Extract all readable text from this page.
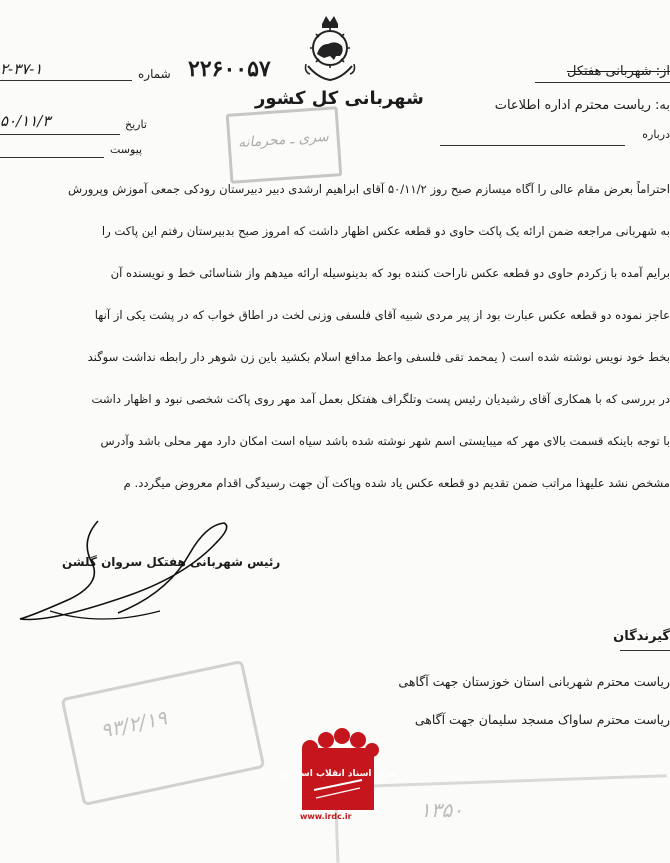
شهربانی کل کشور
شماره ۲۲۶۰۰۵۷
۲-۳۷-۱
تاریخ
۵۰/۱۱/۳
پیوست
از: شهربانی هفتکل
به: ریاست محترم اداره اطلاعات
درباره
سری ـ محرمانه
احتراماً بعرض مقام عالی را آگاه میسازم صبح روز ۵۰/۱۱/۲ آقای ابراهیم ارشدی دبیر دبیرستان رودکی جمعی آموزش وپرورش
به شهربانی مراجعه ضمن ارائه یک پاکت حاوی دو قطعه عکس اظهار داشت که امروز صبح بدبیرستان رفتم این پاکت را
برایم آمده با زکردم حاوی دو قطعه عکس ناراحت کننده بود که بدینوسیله ارائه میدهم واز شناسائی خط و نویسنده آن
عاجز نموده دو قطعه عکس عبارت بود از پیر مردی شبیه آقای فلسفی وزنی لخت در اطاق خواب که در پشت یکی از آنها
بخط خود نویس نوشته شده است ( یمحمد تقی فلسفی واعظ مدافع اسلام بکشید باین زن شوهر دار رابطه نداشت سوگند
در بررسی که با همکاری آقای رشیدیان رئیس پست وتلگراف هفتکل بعمل آمد مهر روی پاکت شخصی نبود و اظهار داشت
با توجه باینکه قسمت بالای مهر که میبایستی اسم شهر نوشته شده باشد سیاه است امکان دارد مهر محلی باشد وآدرس
مشخص نشد علیهذا مراتب ضمن تقدیم دو قطعه عکس یاد شده وپاکت آن جهت رسیدگی اقدام معروض میگردد. م
رئیس شهربانی هفتکل سروان گلشن
گیرندگان
ریاست محترم شهربانی استان خوزستان جهت آگاهی
ریاست محترم ساواک مسجد سلیمان جهت آگاهی
۹۳/۲/۱۹
۱۳۵۰
مرکز اسناد انقلاب اسلامی
www.irdc.ir
